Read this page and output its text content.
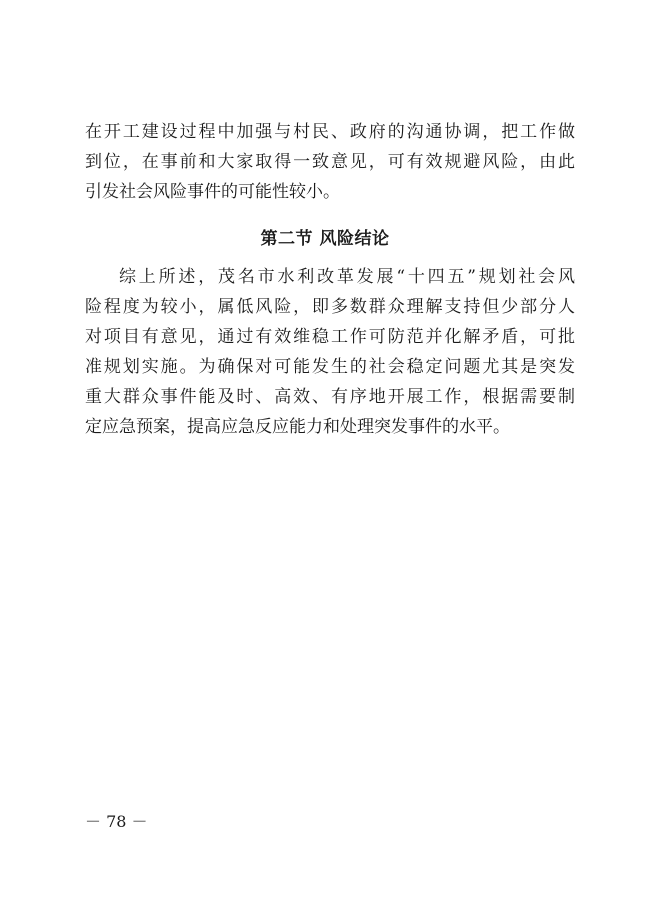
在开工建设过程中加强与村民、政府的沟通协调，把工作做
到位，在事前和大家取得一致意见，可有效规避风险，由此
引发社会风险事件的可能性较小。
第二节 风险结论
综上所述，茂名市水利改革发展“十四五”规划社会风
险程度为较小，属低风险，即多数群众理解支持但少部分人
对项目有意见，通过有效维稳工作可防范并化解矛盾，可批
准规划实施。为确保对可能发生的社会稳定问题尤其是突发
重大群众事件能及时、高效、有序地开展工作，根据需要制
定应急预案，提高应急反应能力和处理突发事件的水平。
－ 78 －
